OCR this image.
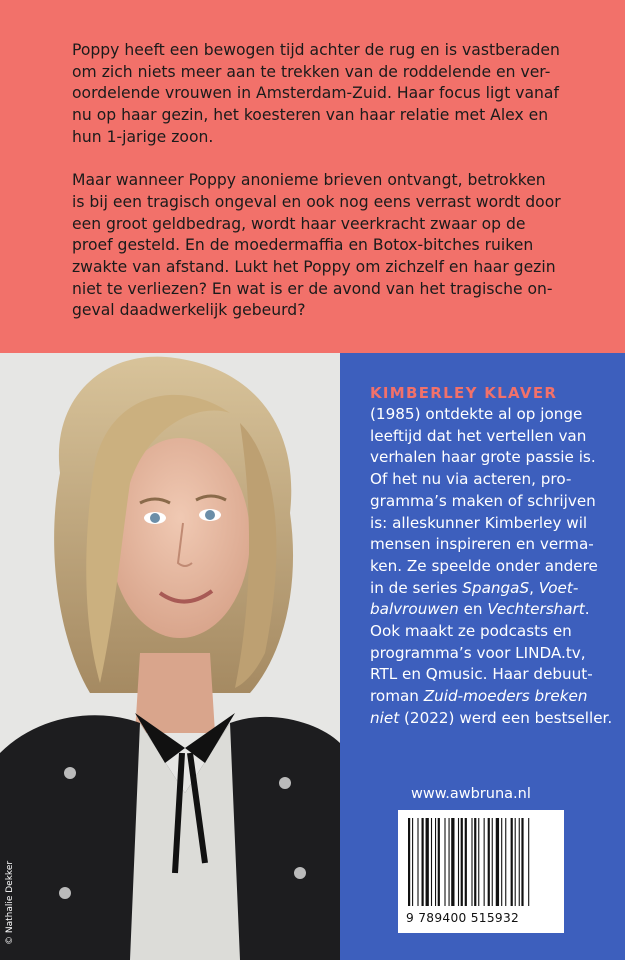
Poppy heeft een bewogen tijd achter de rug en is vastberaden
om zich niets meer aan te trekken van de roddelende en ver-
oordelende vrouwen in Amsterdam-Zuid. Haar focus ligt vanaf
nu op haar gezin, het koesteren van haar relatie met Alex en
hun 1-jarige zoon.

Maar wanneer Poppy anonieme brieven ontvangt, betrokken
is bij een tragisch ongeval en ook nog eens verrast wordt door
een groot geldbedrag, wordt haar veerkracht zwaar op de
proef gesteld. En de moedermaffia en Botox-bitches ruiken
zwakte van afstand. Lukt het Poppy om zichzelf en haar gezin
niet te verliezen? En wat is er de avond van het tragische on-
geval daadwerkelijk gebeurd?

© Nathalie Dekker
KIMBERLEY KLAVER

(1985) ontdekte al op jonge
leeftijd dat het vertellen van
verhalen haar grote passie is.
Of het nu via acteren, pro-
gramma’s maken of schrijven
is: alleskunner Kimberley wil
mensen inspireren en verma-
ken. Ze speelde onder andere
in de series SpangaS, Voet-
balvrouwen en Vechtershart.
Ook maakt ze podcasts en
programma’s voor LINDA.tv,
RTL en Qmusic. Haar debuut-
roman Zuid-moeders breken
niet (2022) werd een bestseller.

www.awbruna.nl
9 789400 515932
